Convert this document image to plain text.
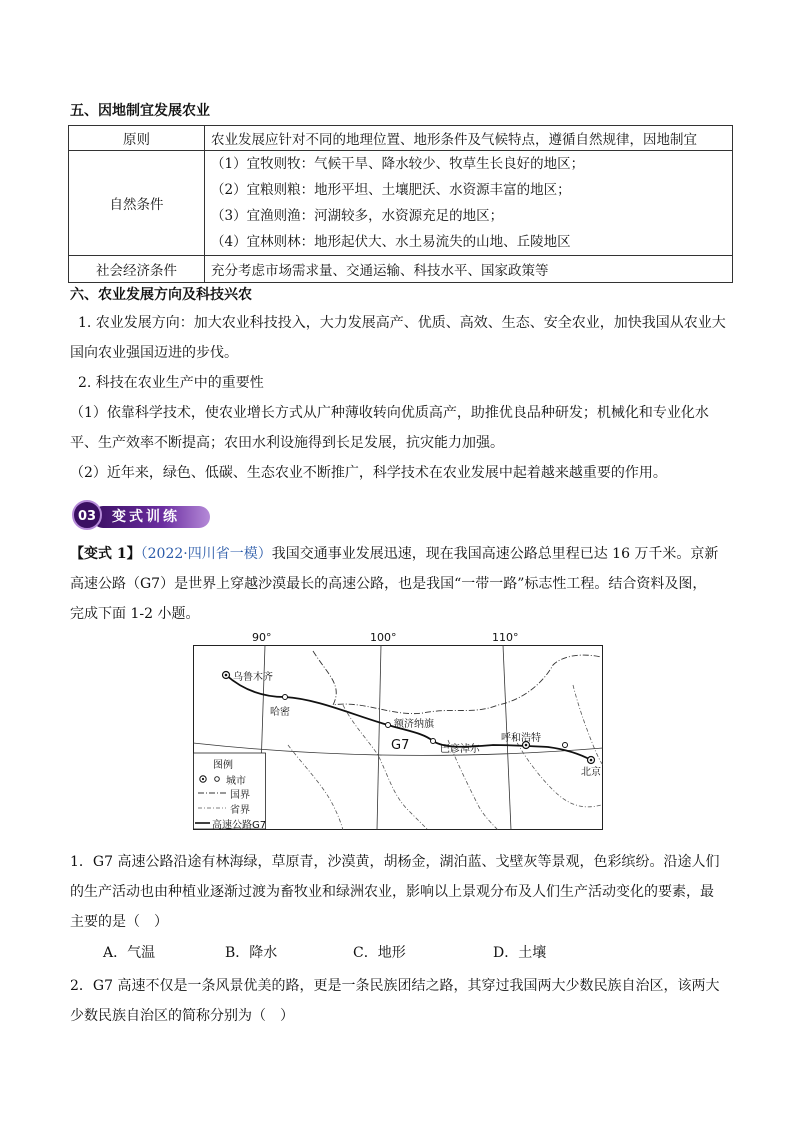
五、因地制宜发展农业
原则	农业发展应针对不同的地理位置、地形条件及气候特点，遵循自然规律，因地制宜
自然条件	（1）宜牧则牧：气候干旱、降水较少、牧草生长良好的地区；
（2）宜粮则粮：地形平坦、土壤肥沃、水资源丰富的地区；
（3）宜渔则渔：河湖较多，水资源充足的地区；
（4）宜林则林：地形起伏大、水土易流失的山地、丘陵地区

社会经济条件	充分考虑市场需求量、交通运输、科技水平、国家政策等
六、农业发展方向及科技兴农
1. 农业发展方向：加大农业科技投入，大力发展高产、优质、高效、生态、安全农业，加快我国从农业大
国向农业强国迈进的步伐。
2. 科技在农业生产中的重要性
（1）依靠科学技术，使农业增长方式从广种薄收转向优质高产，助推优良品种研发；机械化和专业化水
平、生产效率不断提高；农田水利设施得到长足发展，抗灾能力加强。
（2）近年来，绿色、低碳、生态农业不断推广，科学技术在农业发展中起着越来越重要的作用。
03	变式训练
【变式 1】（2022·四川省一模）我国交通事业发展迅速，现在我国高速公路总里程已达 16 万千米。京新
高速公路（G7）是世界上穿越沙漠最长的高速公路，也是我国“一带一路”标志性工程。结合资料及图，
完成下面 1-2 小题。
90°	100°	110°
乌鲁木齐
哈密
额济纳旗
巴彦淖尔
呼和浩特
北京
G7
图例
城市
国界
省界
高速公路G7
1．G7 高速公路沿途有林海绿，草原青，沙漠黄，胡杨金，湖泊蓝、戈壁灰等景观，色彩缤纷。沿途人们
的生产活动也由种植业逐渐过渡为畜牧业和绿洲农业，影响以上景观分布及人们生产活动变化的要素，最
主要的是（　）
A．气温	B．降水	C．地形	D．土壤
2．G7 高速不仅是一条风景优美的路，更是一条民族团结之路，其穿过我国两大少数民族自治区，该两大
少数民族自治区的简称分别为（　）
